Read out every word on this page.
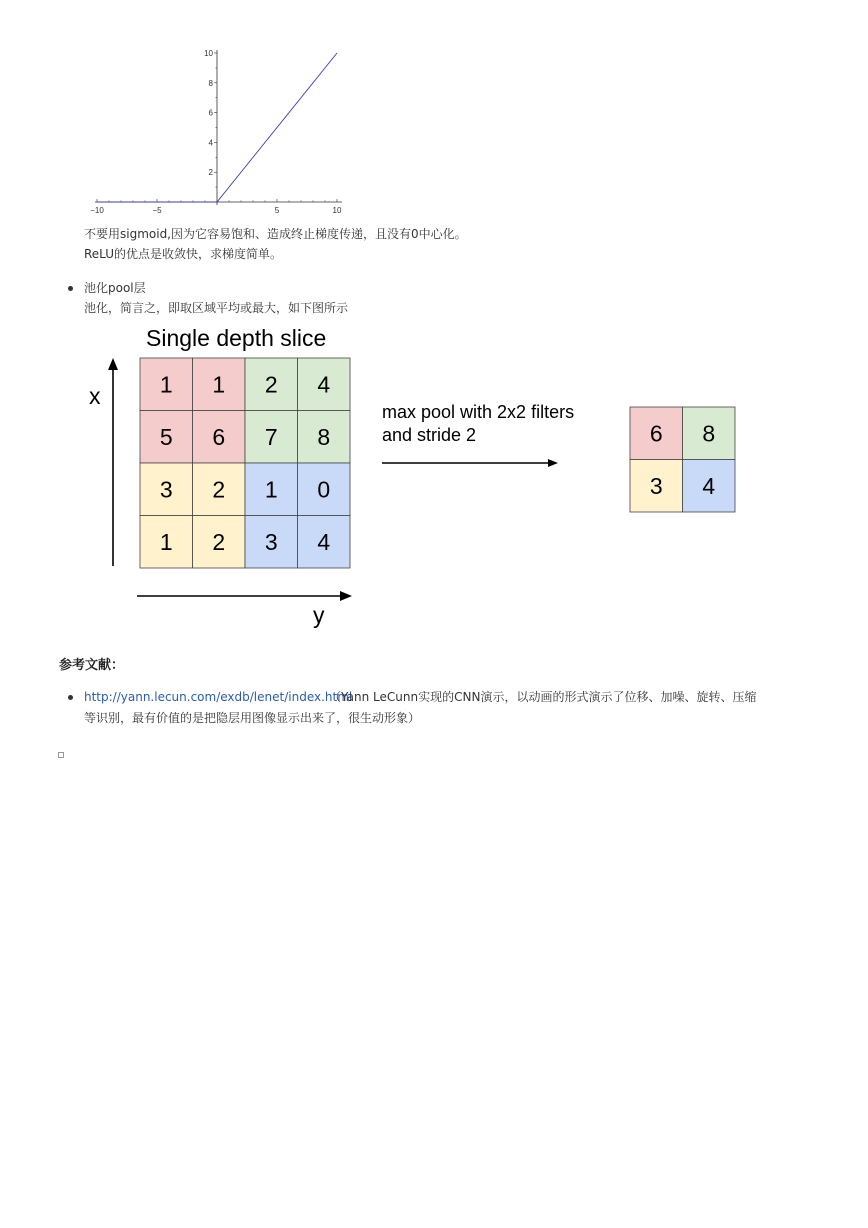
−10	−5	5	10
10
8
6
4
2
不要用sigmoid,因为它容易饱和、造成终止梯度传递，且没有0中心化。
ReLU的优点是收敛快，求梯度简单。
池化pool层
池化，简言之，即取区域平均或最大，如下图所示
Single depth slice
x
y
1 1 2 4
5 6 7 8
3 2 1 0
1 2 3 4
max pool with 2x2 filters
and stride 2	6 8
3 4
参考文献：
http://yann.lecun.com/exdb/lenet/index.html
（Yann LeCunn实现的CNN演示，以动画的形式演示了位移、加噪、旋转、压缩
等识别，最有价值的是把隐层用图像显示出来了，很生动形象）
